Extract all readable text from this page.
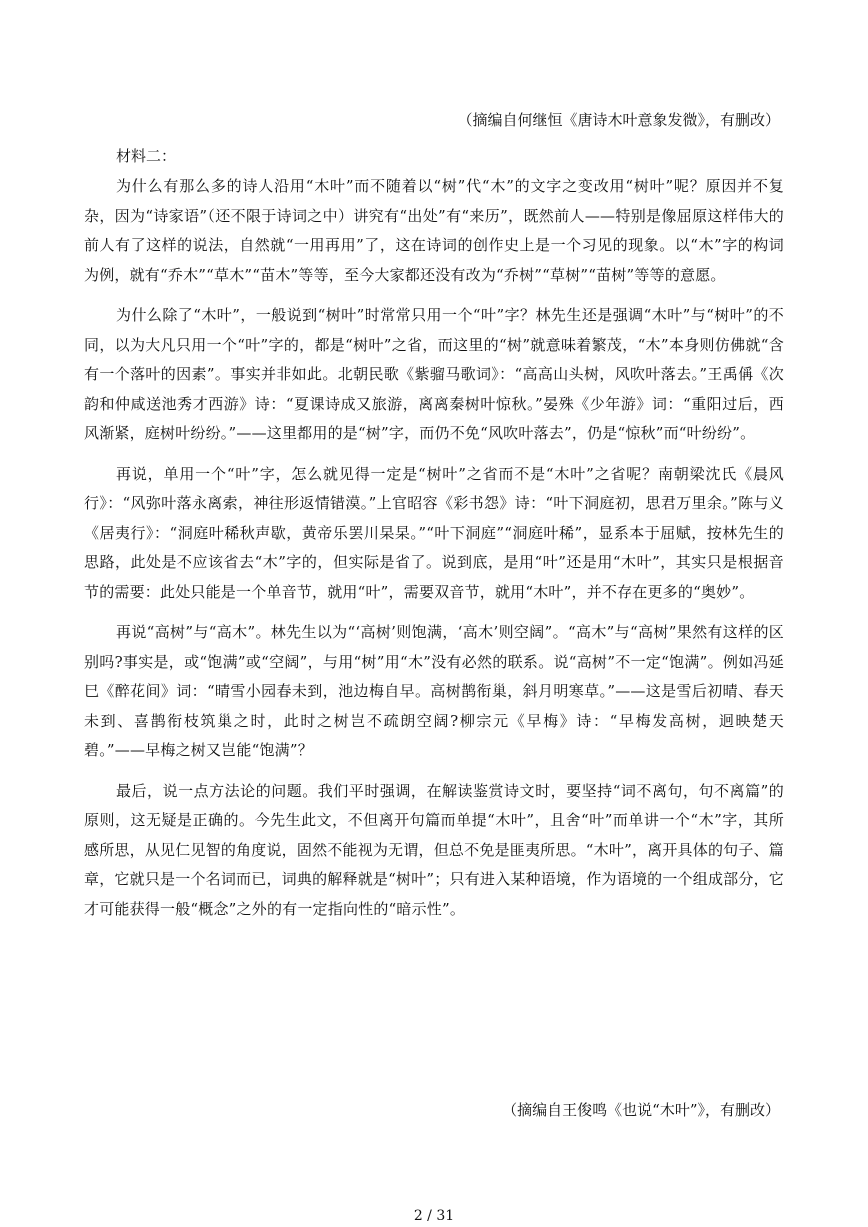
（摘编自何继恒《唐诗木叶意象发微》，有删改）
材料二：

为什么有那么多的诗人沿用“木叶”而不随着以“树”代“木”的文字之变改用“树叶”呢？原因并不复杂，因为“诗家语”（还不限于诗词之中）讲究有“出处”有“来历”，既然前人——特别是像屈原这样伟大的前人有了这样的说法，自然就“一用再用”了，这在诗词的创作史上是一个习见的现象。以“木”字的构词为例，就有“乔木”“草木”“苗木”等等，至今大家都还没有改为“乔树”“草树”“苗树”等等的意愿。

为什么除了“木叶”，一般说到“树叶”时常常只用一个“叶”字？林先生还是强调“木叶”与“树叶”的不同，以为大凡只用一个“叶”字的，都是“树叶”之省，而这里的“树”就意味着繁茂，“木”本身则仿佛就“含有一个落叶的因素”。事实并非如此。北朝民歌《紫骝马歌词》：“高高山头树，风吹叶落去。”王禹偁《次韵和仲咸送池秀才西游》诗：“夏课诗成又旅游，离离秦树叶惊秋。”晏殊《少年游》词：“重阳过后，西风渐紧，庭树叶纷纷。”——这里都用的是“树”字，而仍不免“风吹叶落去”，仍是“惊秋”而“叶纷纷”。

再说，单用一个“叶”字，怎么就见得一定是“树叶”之省而不是“木叶”之省呢？南朝梁沈氏《晨风行》：“风弥叶落永离索，神往形返情错漠。”上官昭容《彩书怨》诗：“叶下洞庭初，思君万里余。”陈与义《居夷行》：“洞庭叶稀秋声歇，黄帝乐罢川杲杲。”“叶下洞庭”“洞庭叶稀”，显系本于屈赋，按林先生的思路，此处是不应该省去“木”字的，但实际是省了。说到底，是用“叶”还是用“木叶”，其实只是根据音节的需要：此处只能是一个单音节，就用“叶”，需要双音节，就用“木叶”，并不存在更多的“奥妙”。

再说“高树”与“高木”。林先生以为“‘高树’则饱满，‘高木’则空阔”。“高木”与“高树”果然有这样的区别吗?事实是，或“饱满”或“空阔”，与用“树”用“木”没有必然的联系。说“高树”不一定“饱满”。例如冯延巳《醉花间》词：“晴雪小园春未到，池边梅自早。高树鹊衔巢，斜月明寒草。”——这是雪后初晴、春天未到、喜鹊衔枝筑巢之时，此时之树岂不疏朗空阔?柳宗元《早梅》诗：“早梅发高树，迥映楚天碧。”——早梅之树又岂能“饱满”？

最后，说一点方法论的问题。我们平时强调，在解读鉴赏诗文时，要坚持“词不离句，句不离篇”的原则，这无疑是正确的。今先生此文，不但离开句篇而单提“木叶”，且舍“叶”而单讲一个“木”字，其所感所思，从见仁见智的角度说，固然不能视为无谓，但总不免是匪夷所思。“木叶”，离开具体的句子、篇章，它就只是一个名词而已，词典的解释就是“树叶”；只有进入某种语境，作为语境的一个组成部分，它才可能获得一般“概念”之外的有一定指向性的“暗示性”。

（摘编自王俊鸣《也说“木叶”》，有删改）
2 / 31
